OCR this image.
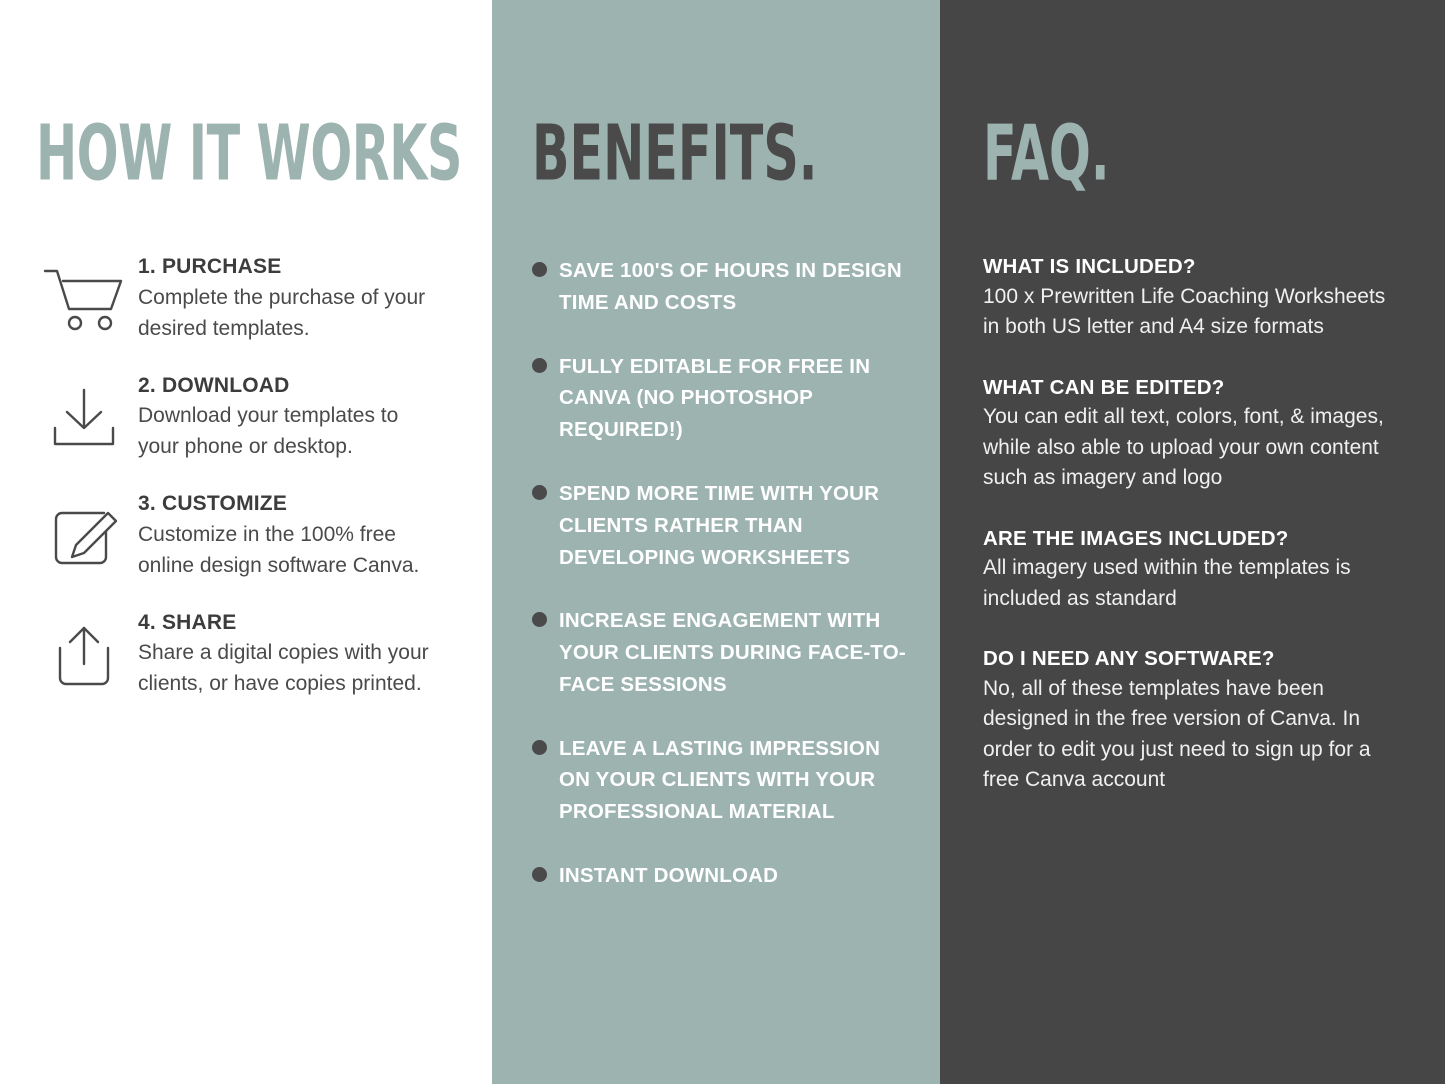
HOW IT WORKS
1. PURCHASE
Complete the purchase of your desired templates.
2. DOWNLOAD
Download your templates to your phone or desktop.
3. CUSTOMIZE
Customize in the 100% free online design software Canva.
4. SHARE
Share a digital copies with your clients, or have copies printed.
BENEFITS.
SAVE 100'S OF HOURS IN DESIGN TIME AND COSTS
FULLY EDITABLE FOR FREE IN CANVA (NO PHOTOSHOP REQUIRED!)
SPEND MORE TIME WITH YOUR CLIENTS RATHER THAN DEVELOPING WORKSHEETS
INCREASE ENGAGEMENT WITH YOUR CLIENTS DURING FACE-TO-FACE SESSIONS
LEAVE A LASTING IMPRESSION ON YOUR CLIENTS WITH YOUR PROFESSIONAL MATERIAL
INSTANT DOWNLOAD
FAQ.
WHAT IS INCLUDED?
100 x Prewritten Life Coaching Worksheets in both US letter and A4 size formats
WHAT CAN BE EDITED?
You can edit all text, colors, font, & images, while also able to upload your own content such as imagery and logo
ARE THE IMAGES INCLUDED?
All imagery used within the templates is included as standard
DO I NEED ANY SOFTWARE?
No, all of these templates have been designed in the free version of Canva. In order to edit you just need to sign up for a free Canva account
